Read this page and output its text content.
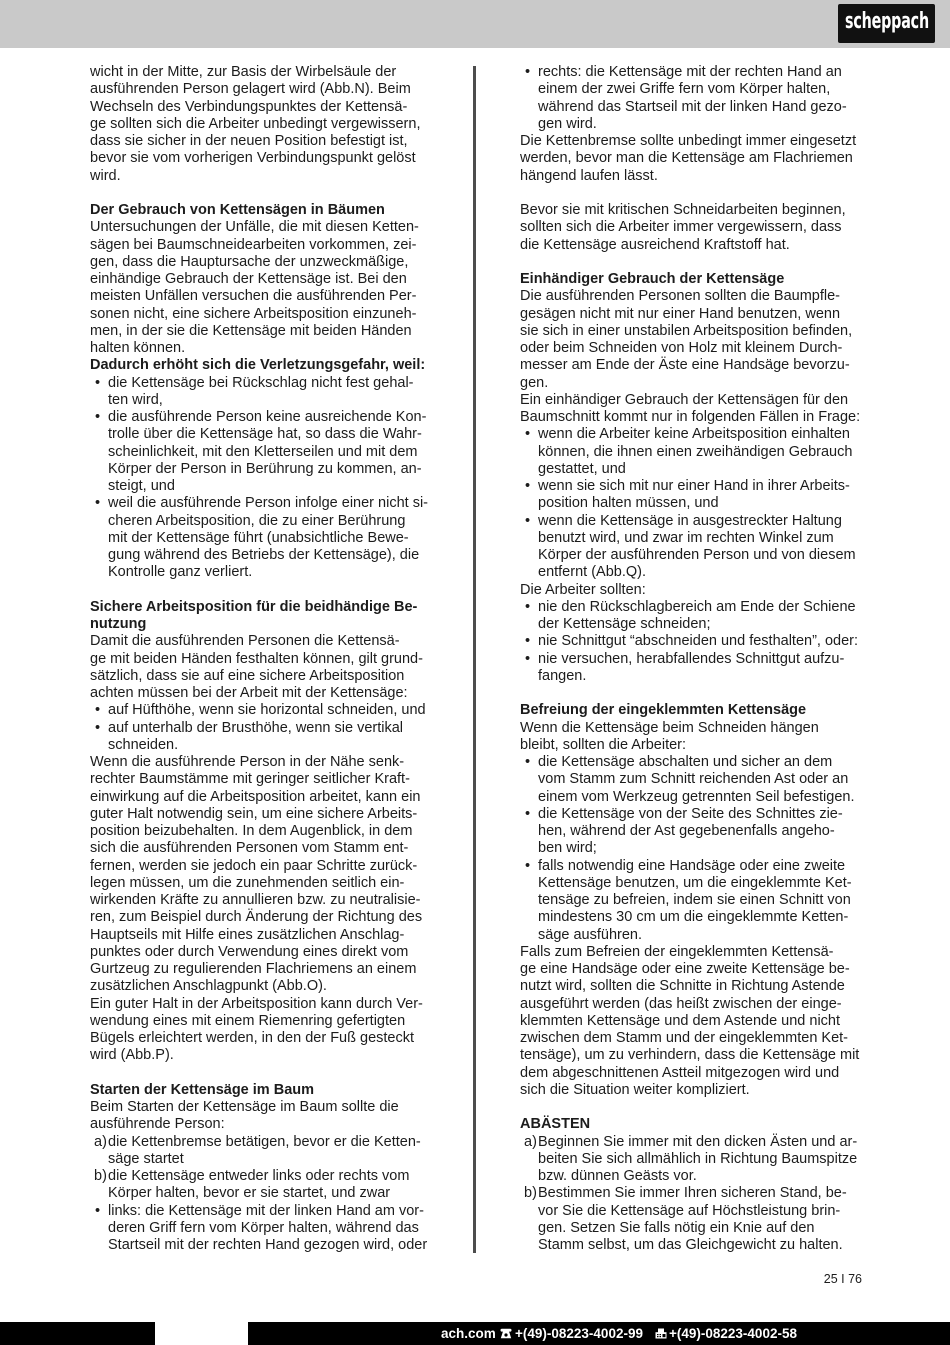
scheppach
wicht in der Mitte, zur Basis der Wirbelsäule der
ausführenden Person gelagert wird (Abb.N). Beim
Wechseln des Verbindungspunktes der Kettensä-
ge sollten sich die Arbeiter unbedingt vergewissern,
dass sie sicher in der neuen Position befestigt ist,
bevor sie vom vorherigen Verbindungspunkt gelöst
wird.
Der Gebrauch von Kettensägen in Bäumen
Untersuchungen der Unfälle, die mit diesen Ketten-
sägen bei Baumschneidearbeiten vorkommen, zei-
gen, dass die Hauptursache der unzweckmäßige,
einhändige Gebrauch der Kettensäge ist. Bei den
meisten Unfällen versuchen die ausführenden Per-
sonen nicht, eine sichere Arbeitsposition einzuneh-
men, in der sie die Kettensäge mit beiden Händen
halten können.
Dadurch erhöht sich die Verletzungsgefahr, weil:
• die Kettensäge bei Rückschlag nicht fest gehal-
ten wird,
• die ausführende Person keine ausreichende Kon-
trolle über die Kettensäge hat, so dass die Wahr-
scheinlichkeit, mit den Kletterseilen und mit dem
Körper der Person in Berührung zu kommen, an-
steigt, und
• weil die ausführende Person infolge einer nicht si-
cheren Arbeitsposition, die zu einer Berührung
mit der Kettensäge führt (unabsichtliche Bewe-
gung während des Betriebs der Kettensäge), die
Kontrolle ganz verliert.
Sichere Arbeitsposition für die beidhändige Be-
nutzung
Damit die ausführenden Personen die Kettensä-
ge mit beiden Händen festhalten können, gilt grund-
sätzlich, dass sie auf eine sichere Arbeitsposition
achten müssen bei der Arbeit mit der Kettensäge:
• auf Hüfthöhe, wenn sie horizontal schneiden, und
• auf unterhalb der Brusthöhe, wenn sie vertikal
schneiden.
Wenn die ausführende Person in der Nähe senk-
rechter Baumstämme mit geringer seitlicher Kraft-
einwirkung auf die Arbeitsposition arbeitet, kann ein
guter Halt notwendig sein, um eine sichere Arbeits-
position beizubehalten. In dem Augenblick, in dem
sich die ausführenden Personen vom Stamm ent-
fernen, werden sie jedoch ein paar Schritte zurück-
legen müssen, um die zunehmenden seitlich ein-
wirkenden Kräfte zu annullieren bzw. zu neutralisie-
ren, zum Beispiel durch Änderung der Richtung des
Hauptseils mit Hilfe eines zusätzlichen Anschlag-
punktes oder durch Verwendung eines direkt vom
Gurtzeug zu regulierenden Flachriemens an einem
zusätzlichen Anschlagpunkt (Abb.O).
Ein guter Halt in der Arbeitsposition kann durch Ver-
wendung eines mit einem Riemenring gefertigten
Bügels erleichtert werden, in den der Fuß gesteckt
wird (Abb.P).
Starten der Kettensäge im Baum
Beim Starten der Kettensäge im Baum sollte die
ausführende Person:
a) die Kettenbremse betätigen, bevor er die Ketten-
säge startet
b) die Kettensäge entweder links oder rechts vom
Körper halten, bevor er sie startet, und zwar
• links: die Kettensäge mit der linken Hand am vor-
deren Griff fern vom Körper halten, während das
Startseil mit der rechten Hand gezogen wird, oder
• rechts: die Kettensäge mit der rechten Hand an
einem der zwei Griffe fern vom Körper halten,
während das Startseil mit der linken Hand gezo-
gen wird.
Die Kettenbremse sollte unbedingt immer eingesetzt
werden, bevor man die Kettensäge am Flachriemen
hängend laufen lässt.
Bevor sie mit kritischen Schneidarbeiten beginnen,
sollten sich die Arbeiter immer vergewissern, dass
die Kettensäge ausreichend Kraftstoff hat.
Einhändiger Gebrauch der Kettensäge
Die ausführenden Personen sollten die Baumpfle-
gesägen nicht mit nur einer Hand benutzen, wenn
sie sich in einer unstabilen Arbeitsposition befinden,
oder beim Schneiden von Holz mit kleinem Durch-
messer am Ende der Äste eine Handsäge bevorzu-
gen.
Ein einhändiger Gebrauch der Kettensägen für den
Baumschnitt kommt nur in folgenden Fällen in Frage:
• wenn die Arbeiter keine Arbeitsposition einhalten
können, die ihnen einen zweihändigen Gebrauch
gestattet, und
• wenn sie sich mit nur einer Hand in ihrer Arbeits-
position halten müssen, und
• wenn die Kettensäge in ausgestreckter Haltung
benutzt wird, und zwar im rechten Winkel zum
Körper der ausführenden Person und von diesem
entfernt (Abb.Q).
Die Arbeiter sollten:
• nie den Rückschlagbereich am Ende der Schiene
der Kettensäge schneiden;
• nie Schnittgut “abschneiden und festhalten”, oder:
• nie versuchen, herabfallendes Schnittgut aufzu-
fangen.
Befreiung der eingeklemmten Kettensäge
Wenn die Kettensäge beim Schneiden hängen
bleibt, sollten die Arbeiter:
• die Kettensäge abschalten und sicher an dem
vom Stamm zum Schnitt reichenden Ast oder an
einem vom Werkzeug getrennten Seil befestigen.
• die Kettensäge von der Seite des Schnittes zie-
hen, während der Ast gegebenenfalls angeho-
ben wird;
• falls notwendig eine Handsäge oder eine zweite
Kettensäge benutzen, um die eingeklemmte Ket-
tensäge zu befreien, indem sie einen Schnitt von
mindestens 30 cm um die eingeklemmte Ketten-
säge ausführen.
Falls zum Befreien der eingeklemmten Kettensä-
ge eine Handsäge oder eine zweite Kettensäge be-
nutzt wird, sollten die Schnitte in Richtung Astende
ausgeführt werden (das heißt zwischen der einge-
klemmten Kettensäge und dem Astende und nicht
zwischen dem Stamm und der eingeklemmten Ket-
tensäge), um zu verhindern, dass die Kettensäge mit
dem abgeschnittenen Astteil mitgezogen wird und
sich die Situation weiter kompliziert.
ABÄSTEN
a) Beginnen Sie immer mit den dicken Ästen und ar-
beiten Sie sich allmählich in Richtung Baumspitze
bzw. dünnen Geästs vor.
b) Bestimmen Sie immer Ihren sicheren Stand, be-
vor Sie die Kettensäge auf Höchstleistung brin-
gen. Setzen Sie falls nötig ein Knie auf den
Stamm selbst, um das Gleichgewicht zu halten.
25 I 76
ach.com +(49)-08223-4002-99 +(49)-08223-4002-58
